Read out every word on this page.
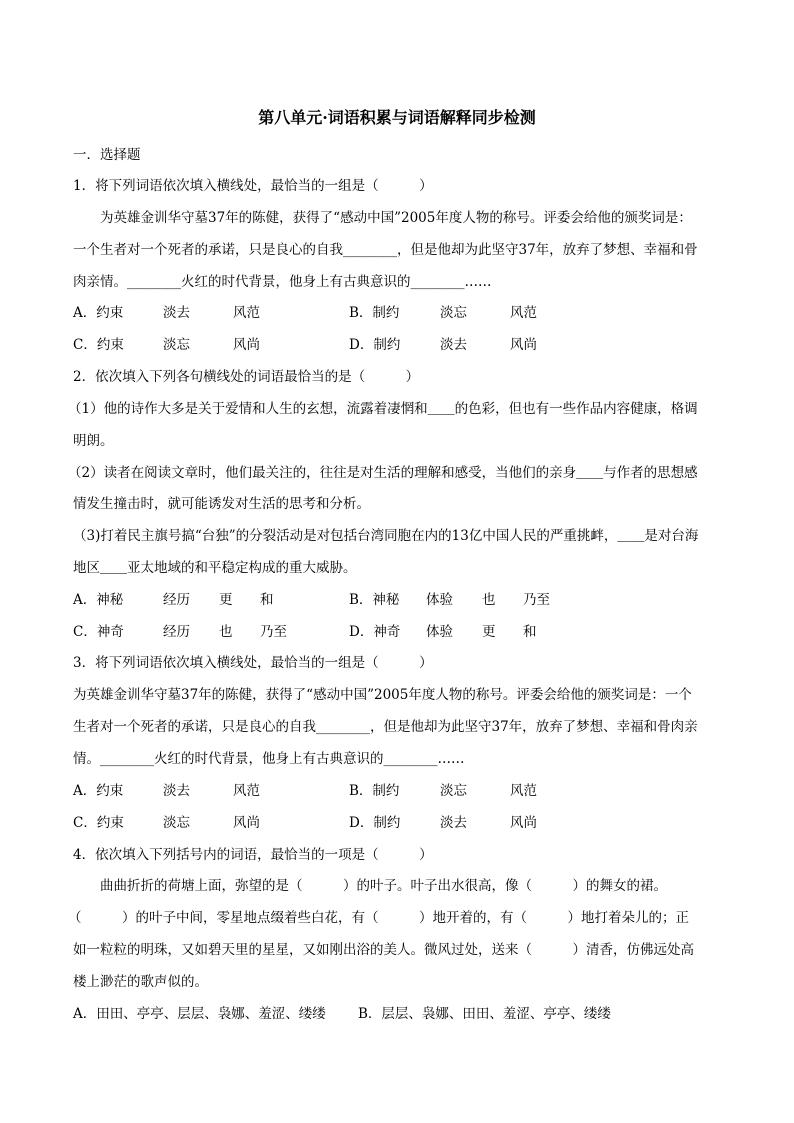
第八单元·词语积累与词语解释同步检测
一．选择题
1．将下列词语依次填入横线处，最恰当的一组是（　　　）
为英雄金训华守墓37年的陈健，获得了“感动中国”2005年度人物的称号。评委会给他的颁奖词是：
一个生者对一个死者的承诺，只是良心的自我________，但是他却为此坚守37年，放弃了梦想、幸福和骨
肉亲情。________火红的时代背景，他身上有古典意识的________……
A．约束	淡去	风范	B．制约	淡忘	风范
C．约束	淡忘	风尚	D．制约	淡去	风尚
2．依次填入下列各句横线处的词语最恰当的是（　　　）
（1）他的诗作大多是关于爱情和人生的玄想，流露着凄惘和＿＿的色彩，但也有一些作品内容健康，格调
明朗。
（2）读者在阅读文章时，他们最关注的，往往是对生活的理解和感受，当他们的亲身＿＿与作者的思想感
情发生撞击时，就可能诱发对生活的思考和分析。
（3)打着民主旗号搞“台独”的分裂活动是对包括台湾同胞在内的13亿中国人民的严重挑衅，＿＿是对台海
地区＿＿亚太地域的和平稳定构成的重大威胁。
A．神秘	经历 更 和	B．神秘 体验 也 乃至
C．神奇	经历 也 乃至	D．神奇 体验 更 和
3．将下列词语依次填入横线处，最恰当的一组是（　　　）
为英雄金训华守墓37年的陈健，获得了“感动中国”2005年度人物的称号。评委会给他的颁奖词是：一个
生者对一个死者的承诺，只是良心的自我________，但是他却为此坚守37年，放弃了梦想、幸福和骨肉亲
情。________火红的时代背景，他身上有古典意识的________……
A．约束	淡去	风范	B．制约	淡忘	风范
C．约束	淡忘	风尚	D．制约	淡去	风尚
4．依次填入下列括号内的词语，最恰当的一项是（　　　）
曲曲折折的荷塘上面，弥望的是（　　　）的叶子。叶子出水很高，像（　　　）的舞女的裙。
（　　　）的叶子中间，零星地点缀着些白花，有（　　　）地开着的，有（　　　）地打着朵儿的；正
如一粒粒的明珠，又如碧天里的星星，又如刚出浴的美人。微风过处，送来（　　　）清香，仿佛远处高
楼上渺茫的歌声似的。
A．田田、亭亭、层层、袅娜、羞涩、缕缕 B．层层、袅娜、田田、羞涩、亭亭、缕缕
